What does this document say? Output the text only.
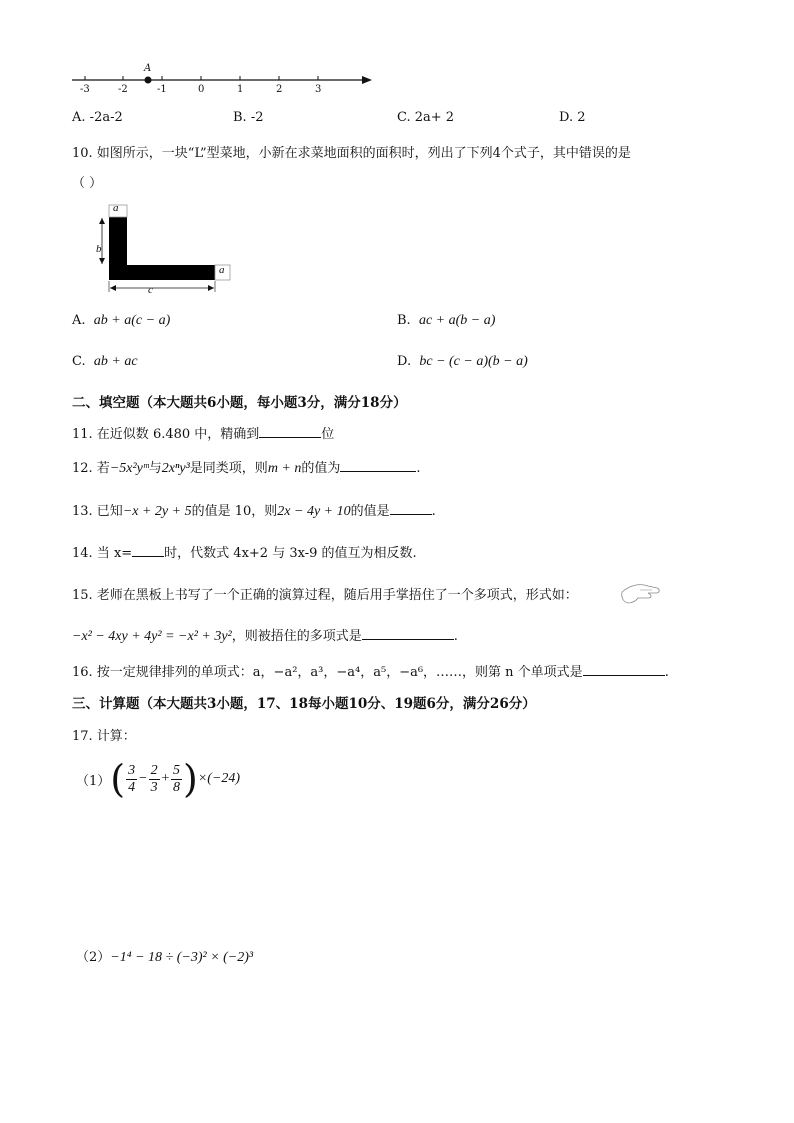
A
-3	-2	-1	0	1	2	3
A. -2a-2	B. -2	C. 2a+ 2	D. 2
10. 如图所示，一块“L”型菜地，小新在求菜地面积的面积时，列出了下列4个式子，其中错误的是
（ ）
a
b
a
c
A. ab + a(c − a)	B. ac + a(b − a)
C. ab + ac	D. bc − (c − a)(b − a)
二、填空题（本大题共6小题，每小题3分，满分18分）
11. 在近似数 6.480 中，精确到	位
12. 若−5x²yᵐ与2xⁿy³是同类项，则m + n的值为	.
13. 已知−x + 2y + 5的值是 10，则2x − 4y + 10的值是	.
14. 当 x= 时，代数式 4x+2 与 3x-9 的值互为相反数.
15. 老师在黑板上书写了一个正确的演算过程，随后用手掌捂住了一个多项式，形式如：
−x² − 4xy + 4y² = −x² + 3y²，则被捂住的多项式是	.
16. 按一定规律排列的单项式：a，−a²，a³，−a⁴，a⁵，−a⁶，……，则第 n 个单项式是	.
三、计算题（本大题共3小题，17、18每小题10分、19题6分，满分26分）
17. 计算：
（1） ( $\frac{3}{4} - \frac{2}{3} + \frac{5}{8}$ ) ×(−24)
（2）−1⁴ − 18 ÷ (−3)² × (−2)³
